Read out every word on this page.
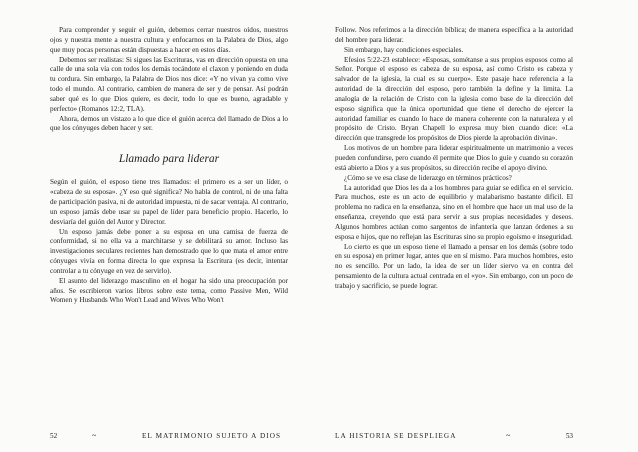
Para comprender y seguir el guión, debemos cerrar nuestros oídos, nuestros ojos y nuestra mente a nuestra cultura y enfocarnos en la Palabra de Dios, algo que muy pocas personas están dispuestas a hacer en estos días.

Debemos ser realistas: Si sigues las Escrituras, vas en dirección opuesta en una calle de una sola vía con todos los demás tocándote el claxon y poniendo en duda tu cordura. Sin embargo, la Palabra de Dios nos dice: «Y no vivan ya como vive todo el mundo. Al contrario, cambien de manera de ser y de pensar. Así podrán saber qué es lo que Dios quiere, es decir, todo lo que es bueno, agradable y perfecto» (Romanos 12:2, TLA).

Ahora, demos un vistazo a lo que dice el guión acerca del llamado de Dios a lo que los cónyuges deben hacer y ser.

Llamado para liderar

Según el guión, el esposo tiene tres llamados: el primero es a ser un líder, o «cabeza de su esposa». ¿Y eso qué significa? No habla de control, ni de una falta de participación pasiva, ni de autoridad impuesta, ni de sacar ventaja. Al contrario, un esposo jamás debe usar su papel de líder para beneficio propio. Hacerlo, lo desviaría del guión del Autor y Director.

Un esposo jamás debe poner a su esposa en una camisa de fuerza de conformidad, si no ella va a marchitarse y se debilitará su amor. Incluso las investigaciones seculares recientes han demostrado que lo que mata el amor entre cónyuges vivía en forma directa lo que expresa la Escritura (es decir, intentar controlar a tu cónyuge en vez de servirlo).

El asunto del liderazgo masculino en el hogar ha sido una preocupación por años. Se escribieron varios libros sobre este tema, como Passive Men, Wild Women y Husbands Who Won't Lead and Wives Who Won't

Follow. Nos referimos a la dirección bíblica; de manera específica a la autoridad del hombre para liderar.

Sin embargo, hay condiciones especiales.

Efesios 5:22-23 establece: «Esposas, sométanse a sus propios esposos como al Señor. Porque el esposo es cabeza de su esposa, así como Cristo es cabeza y salvador de la iglesia, la cual es su cuerpo». Este pasaje hace referencia a la autoridad de la dirección del esposo, pero también la define y la limita. La analogía de la relación de Cristo con la iglesia como base de la dirección del esposo significa que la única oportunidad que tiene el derecho de ejercer la autoridad familiar es cuando lo hace de manera coherente con la naturaleza y el propósito de Cristo. Bryan Chapell lo expresa muy bien cuando dice: «La dirección que transgrede los propósitos de Dios pierde la aprobación divina».

Los motivos de un hombre para liderar espiritualmente un matrimonio a veces pueden confundirse, pero cuando él permite que Dios lo guíe y cuando su corazón está abierto a Dios y a sus propósitos, su dirección recibe el apoyo divino.

¿Cómo se ve esa clase de liderazgo en términos prácticos?

La autoridad que Dios les da a los hombres para guiar se edifica en el servicio. Para muchos, este es un acto de equilibrio y malabarismo bastante difícil. El problema no radica en la enseñanza, sino en el hombre que hace un mal uso de la enseñanza, creyendo que está para servir a sus propias necesidades y deseos. Algunos hombres actúan como sargentos de infantería que lanzan órdenes a su esposa e hijos, que no reflejan las Escrituras sino su propio egoísmo e inseguridad.

Lo cierto es que un esposo tiene el llamado a pensar en los demás (sobre todo en su esposa) en primer lugar, antes que en sí mismo. Para muchos hombres, esto no es sencillo. Por un lado, la idea de ser un líder siervo va en contra del pensamiento de la cultura actual centrada en el «yo». Sin embargo, con un poco de trabajo y sacrificio, se puede lograr.

52	~	EL MATRIMONIO SUJETO A DIOS	LA HISTORIA SE DESPLIEGA	~	53
